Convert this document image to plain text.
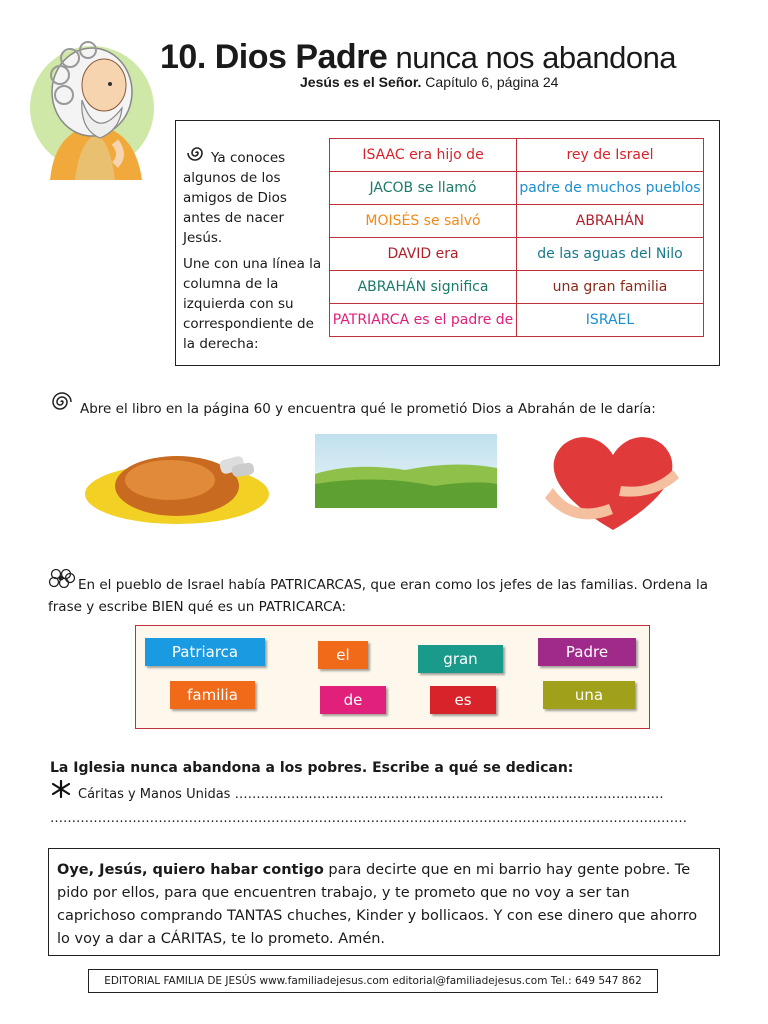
10. Dios Padre nunca nos abandona
Jesús es el Señor. Capítulo 6, página 24

Ya conoces algunos de los amigos de Dios antes de nacer Jesús.

Une con una línea la columna de la izquierda con su correspondiente de la derecha:

ISAAC era hijo de	rey de Israel
JACOB se llamó	padre de muchos pueblos
MOISÉS se salvó	ABRAHÁN
DAVID era	de las aguas del Nilo
ABRAHÁN significa	una gran familia
PATRIARCA es el padre de	ISRAEL
Abre el libro en la página 60 y encuentra qué le prometió Dios a Abrahán de le daría:
En el pueblo de Israel había PATRICARCAS, que eran como los jefes de las familias. Ordena la frase y escribe BIEN qué es un PATRICARCA:
Patriarca	el	gran	Padre
familia	de	es	una
La Iglesia nunca abandona a los pobres. Escribe a qué se dedican:
Cáritas y Manos Unidas ………………………………………………………………………………………
…………………………………………………………………………………………………………………………………
Oye, Jesús, quiero habar contigo para decirte que en mi barrio hay gente pobre. Te pido por ellos, para que encuentren trabajo, y te prometo que no voy a ser tan caprichoso comprando TANTAS chuches, Kinder y bollicaos. Y con ese dinero que ahorro lo voy a dar a CÁRITAS, te lo prometo. Amén.
EDITORIAL FAMILIA DE JESÚS www.familiadejesus.com editorial@familiadejesus.com Tel.: 649 547 862
